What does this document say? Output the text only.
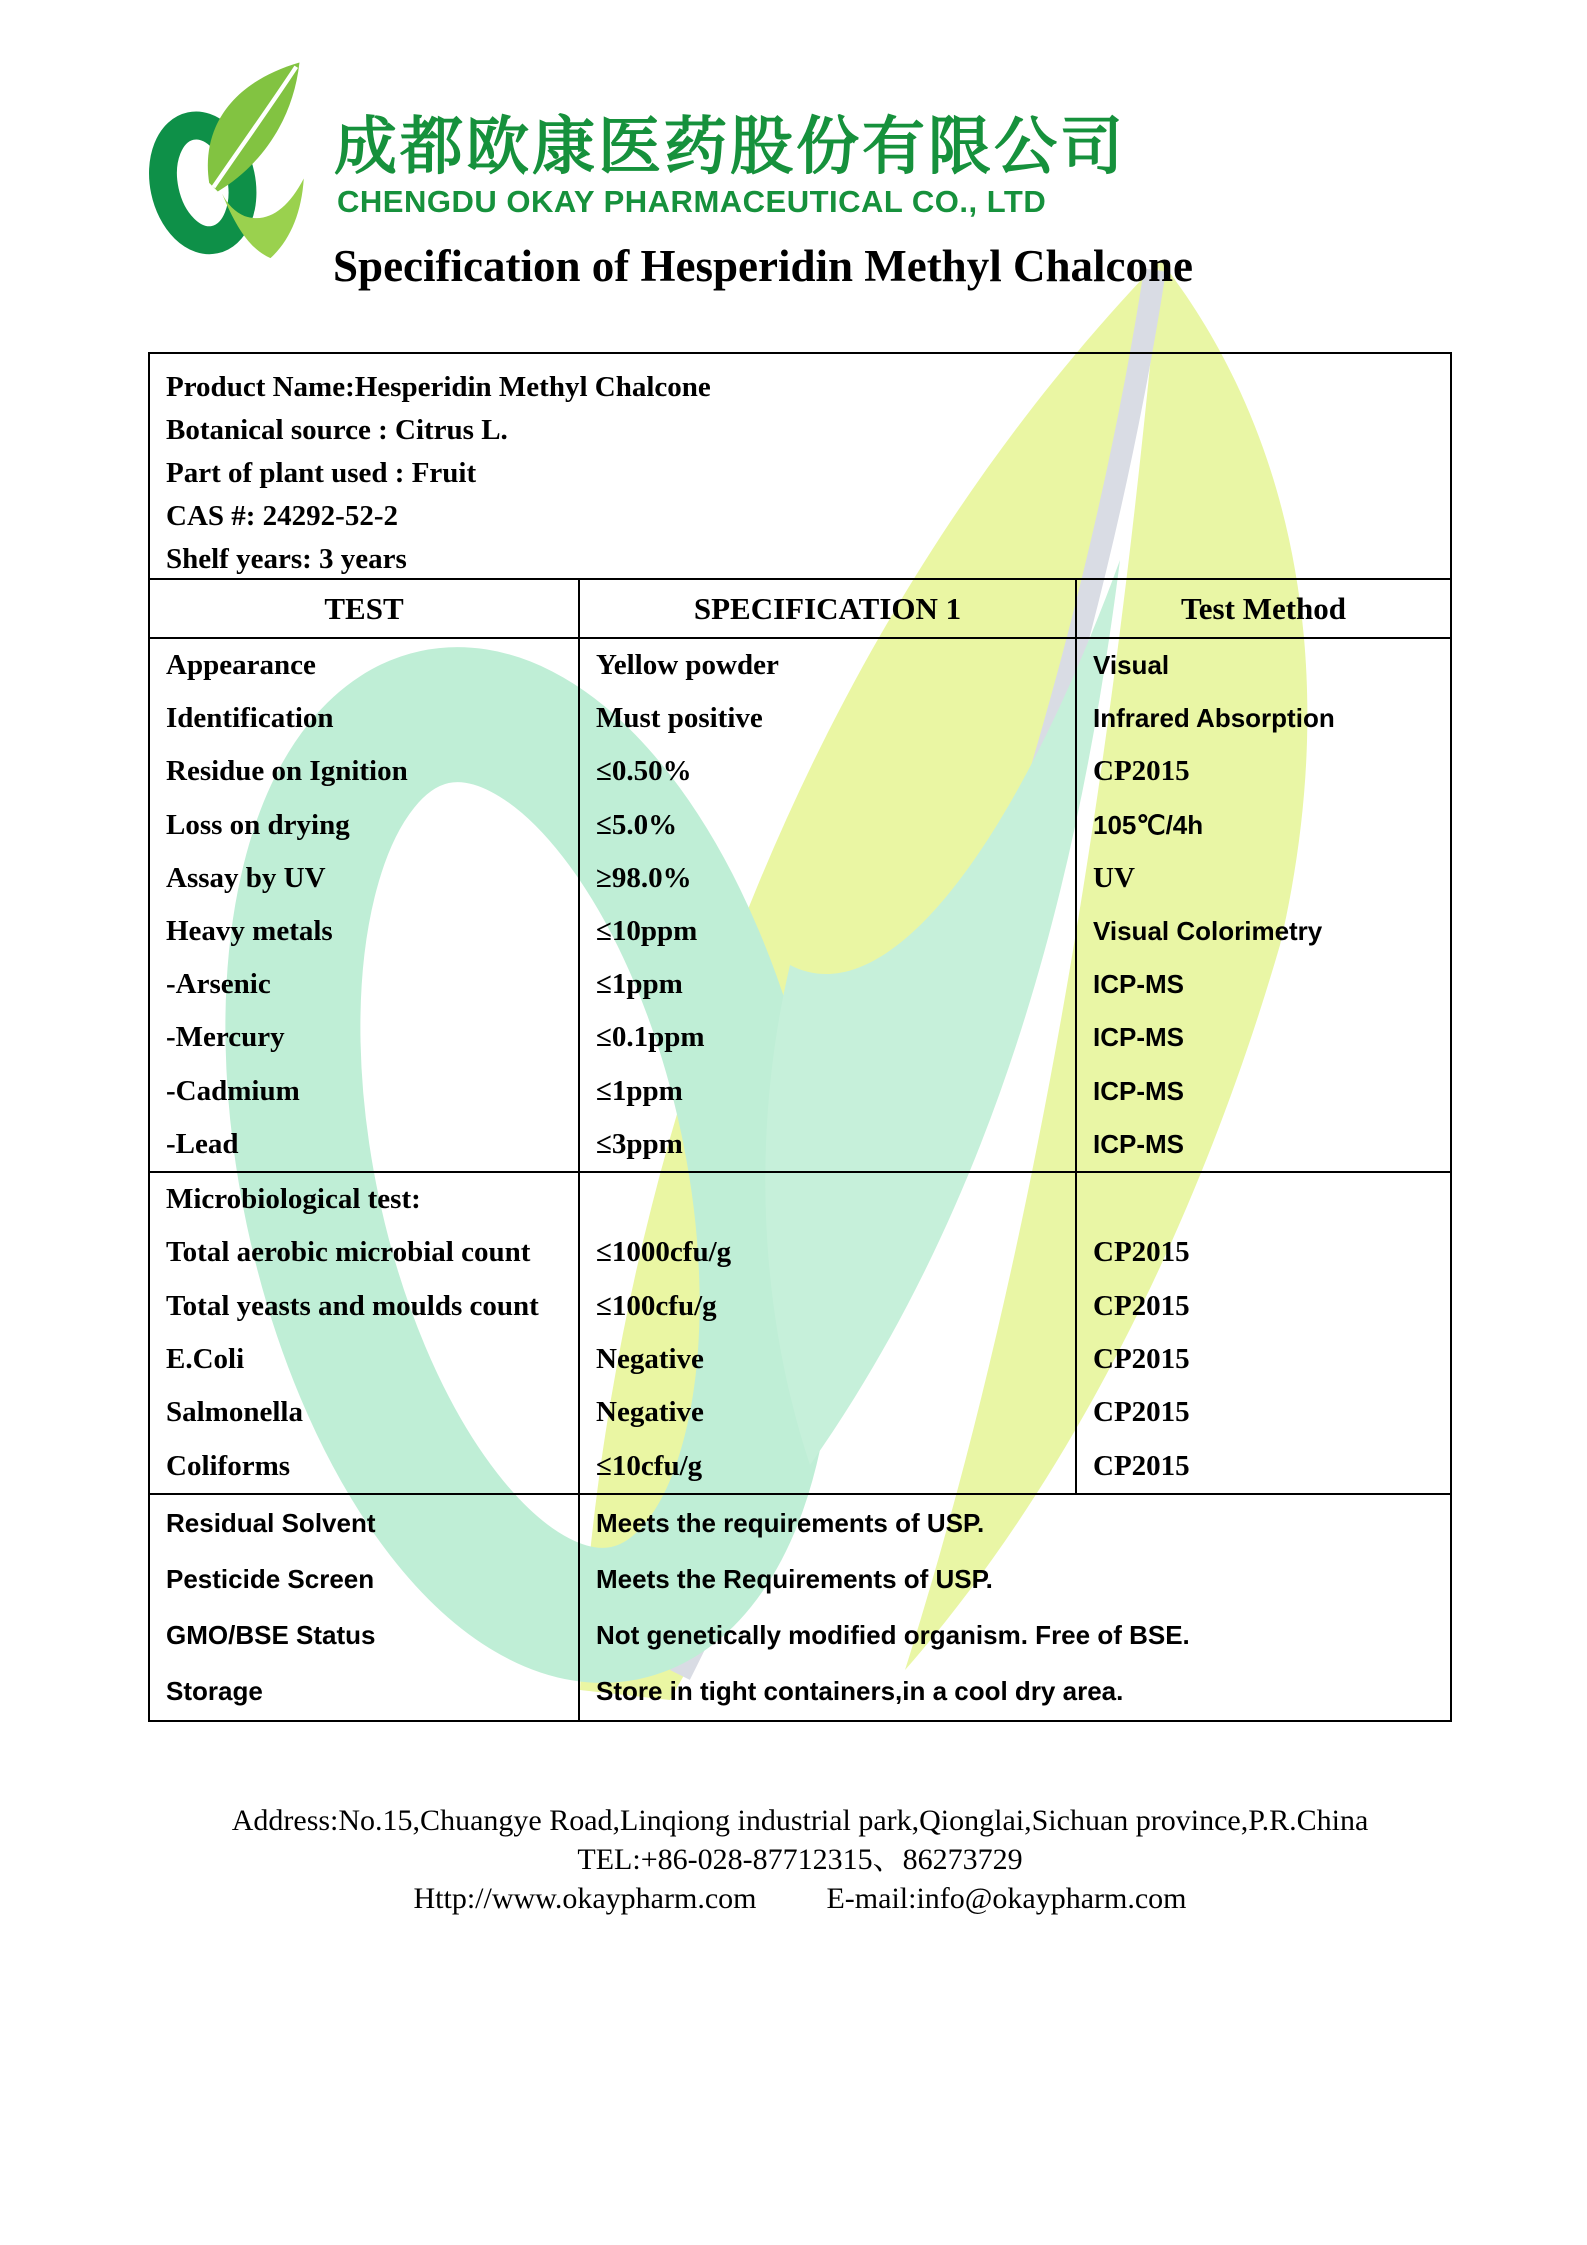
成都欧康医药股份有限公司
CHENGDU OKAY PHARMACEUTICAL CO., LTD
Specification of Hesperidin Methyl Chalcone
Product Name:Hesperidin Methyl Chalcone
Botanical source : Citrus L.
Part of plant used : Fruit
CAS #: 24292-52-2
Shelf years: 3 years
TEST	SPECIFICATION 1	Test Method
Appearance	Yellow powder	Visual
Identification	Must positive	Infrared Absorption
Residue on Ignition	≤0.50%	CP2015
Loss on drying	≤5.0%	105℃/4h
Assay by UV	≥98.0%	UV
Heavy metals	≤10ppm	Visual Colorimetry
-Arsenic	≤1ppm	ICP-MS
-Mercury	≤0.1ppm	ICP-MS
-Cadmium	≤1ppm	ICP-MS
-Lead	≤3ppm	ICP-MS
Microbiological test:
Total aerobic microbial count	≤1000cfu/g	CP2015
Total yeasts and moulds count	≤100cfu/g	CP2015
E.Coli	Negative	CP2015
Salmonella	Negative	CP2015
Coliforms	≤10cfu/g	CP2015
Residual Solvent	Meets the requirements of USP.
Pesticide Screen	Meets the Requirements of USP.
GMO/BSE Status	Not genetically modified organism. Free of BSE.
Storage	Store in tight containers,in a cool dry area.
Address:No.15,Chuangye Road,Linqiong industrial park,Qionglai,Sichuan province,P.R.China
TEL:+86-028-87712315、86273729
Http://www.okaypharm.com E-mail:info@okaypharm.com
